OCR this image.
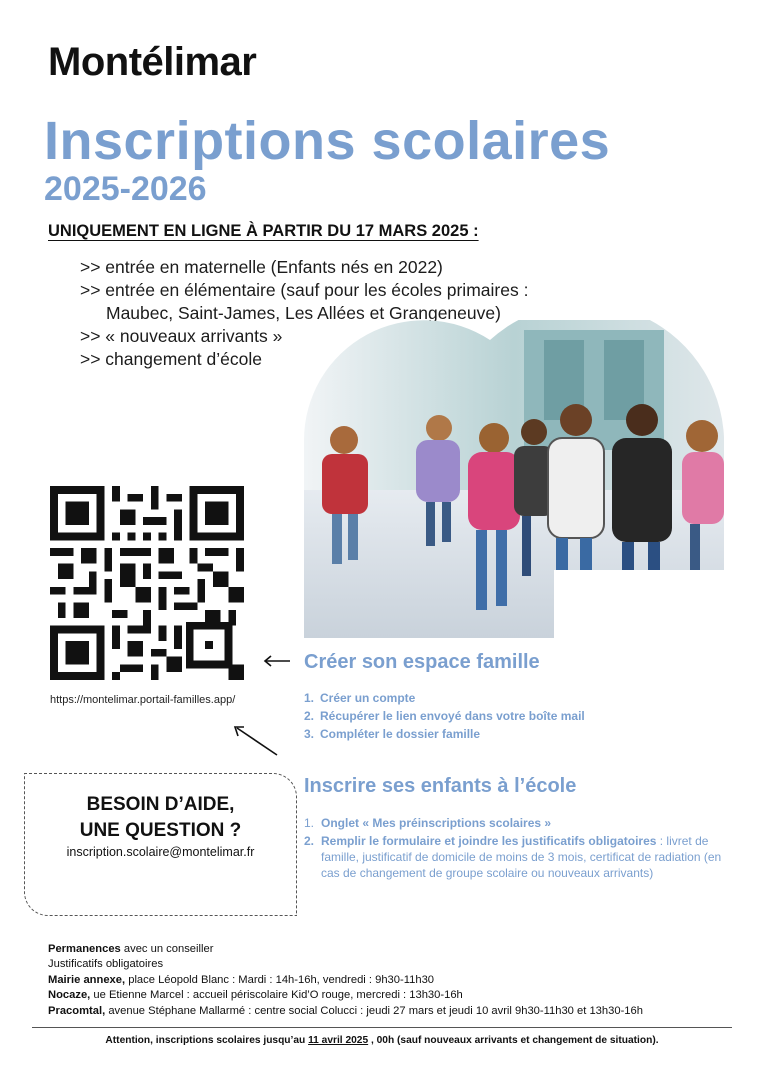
Montélimar
Inscriptions scolaires
2025-2026
UNIQUEMENT EN LIGNE À PARTIR DU 17 MARS 2025 :
>> entrée en maternelle (Enfants nés en 2022)
>> entrée en élémentaire (sauf pour les écoles primaires :
Maubec, Saint-James, Les Allées et Grangeneuve)
>> « nouveaux arrivants »
>> changement d’école
https://montelimar.portail-familles.app/
Créer son espace famille
1. Créer un compte
2. Récupérer le lien envoyé dans votre boîte mail
3. Compléter le dossier famille
Inscrire ses enfants à l’école
1. Onglet « Mes préinscriptions scolaires »
2. Remplir le formulaire et joindre les justificatifs obligatoires : livret de famille, justificatif de domicile de moins de 3 mois, certificat de radiation (en cas de changement de groupe scolaire ou nouveaux arrivants)
BESOIN D’AIDE,
UNE QUESTION ?
inscription.scolaire@montelimar.fr
Permanences avec un conseiller
Justificatifs obligatoires
Mairie annexe, place Léopold Blanc : Mardi : 14h-16h, vendredi : 9h30-11h30
Nocaze, ue Etienne Marcel : accueil périscolaire Kid’O rouge, mercredi : 13h30-16h
Pracomtal, avenue Stéphane Mallarmé : centre social Colucci : jeudi 27 mars et jeudi 10 avril 9h30-11h30 et 13h30-16h
Attention, inscriptions scolaires jusqu’au 11 avril 2025 , 00h (sauf nouveaux arrivants et changement de situation).
